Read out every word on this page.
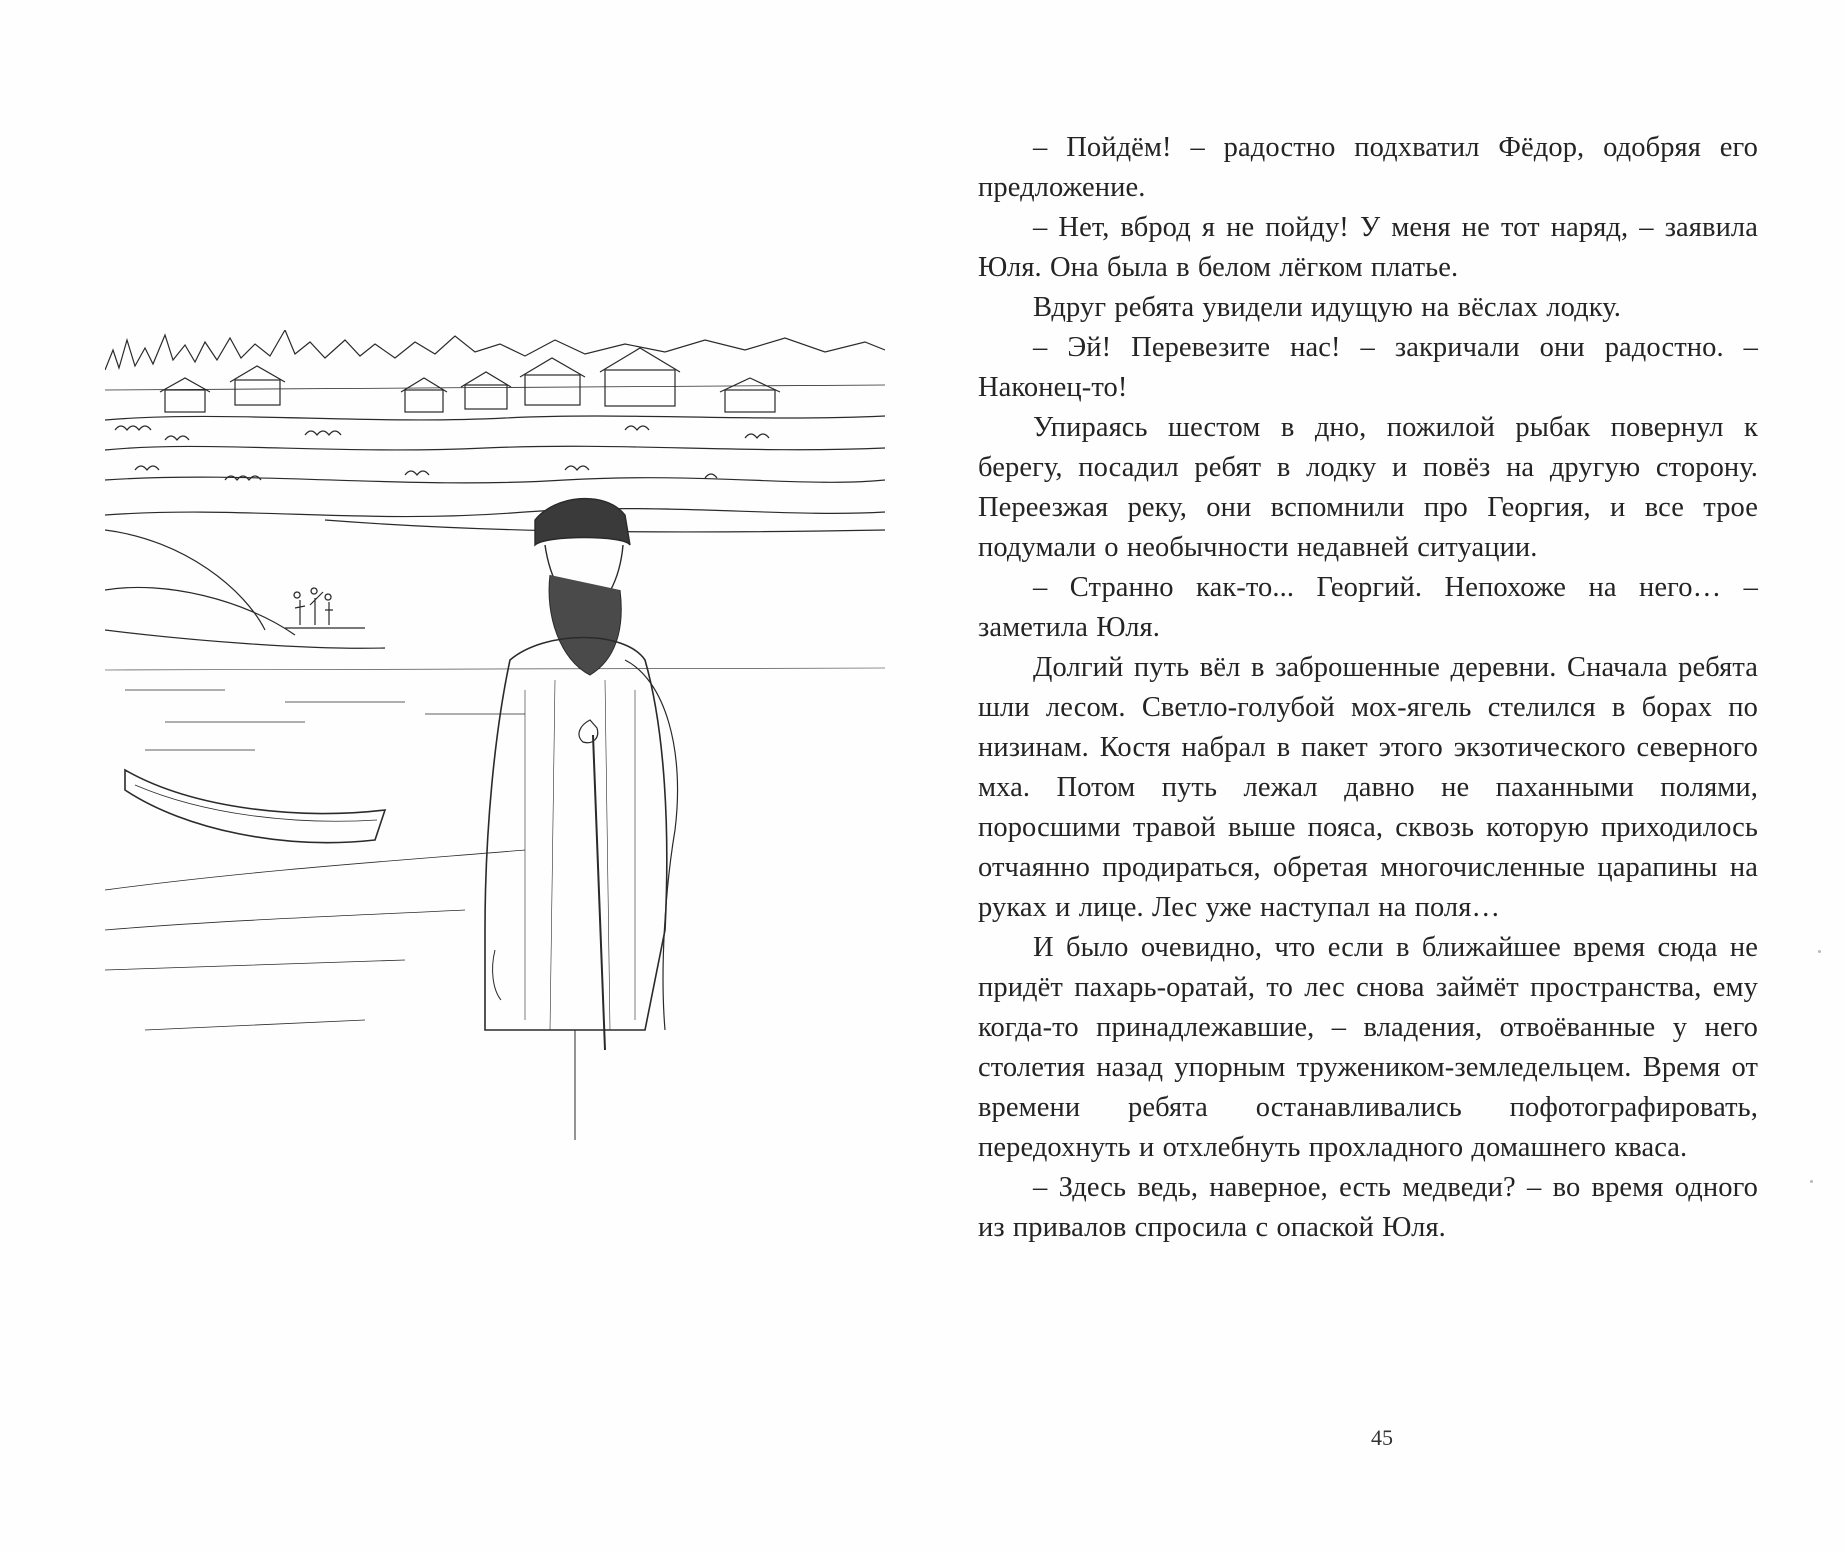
– Пойдём! – радостно подхватил Фёдор, одобряя его предложение.

– Нет, вброд я не пойду! У меня не тот наряд, – заявила Юля. Она была в белом лёгком платье.

Вдруг ребята увидели идущую на вёслах лодку.

– Эй! Перевезите нас! – закричали они радостно. – Наконец-то!

Упираясь шестом в дно, пожилой рыбак повернул к берегу, посадил ребят в лодку и повёз на другую сторону. Переезжая реку, они вспомнили про Георгия, и все трое подумали о необычности недавней ситуации.

– Странно как-то... Георгий. Непохоже на него… – заметила Юля.

Долгий путь вёл в заброшенные деревни. Сначала ребята шли лесом. Светло-голубой мох-ягель стелился в борах по низинам. Костя набрал в пакет этого экзотического северного мха. Потом путь лежал давно не паханными полями, поросшими травой выше пояса, сквозь которую приходилось отчаянно продираться, обретая многочисленные царапины на руках и лице. Лес уже наступал на поля…

И было очевидно, что если в ближайшее время сюда не придёт пахарь-оратай, то лес снова займёт пространства, ему когда-то принадлежавшие, – владения, отвоёванные у него столетия назад упорным тружеником-земледельцем. Время от времени ребята останавливались пофотографировать, передохнуть и отхлебнуть прохладного домашнего кваса.

– Здесь ведь, наверное, есть медведи? – во время одного из привалов спросила с опаской Юля.

45
